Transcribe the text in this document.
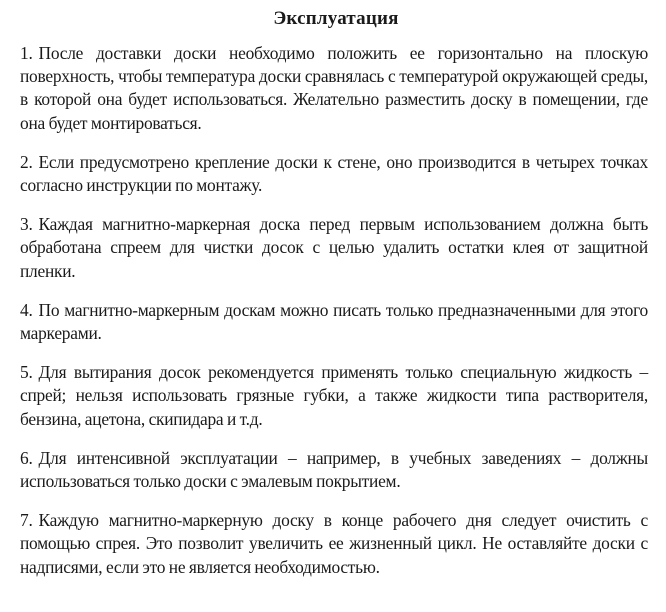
Эксплуатация

1. После доставки доски необходимо положить ее горизонтально на плоскую поверхность, чтобы температура доски сравнялась с температурой окружающей среды, в которой она будет использоваться. Желательно разместить доску в помещении, где она будет монтироваться.

2. Если предусмотрено крепление доски к стене, оно производится в четырех точках согласно инструкции по монтажу.

3. Каждая магнитно-маркерная доска перед первым использованием должна быть обработана спреем для чистки досок с целью удалить остатки клея от защитной пленки.

4. По магнитно-маркерным доскам можно писать только предназначенными для этого маркерами.

5. Для вытирания досок рекомендуется применять только специальную жидкость – спрей; нельзя использовать грязные губки, а также жидкости типа растворителя, бензина, ацетона, скипидара и т.д.

6. Для интенсивной эксплуатации – например, в учебных заведениях – должны использоваться только доски с эмалевым покрытием.

7. Каждую магнитно-маркерную доску в конце рабочего дня следует очистить с помощью спрея. Это позволит увеличить ее жизненный цикл. Не оставляйте доски с надписями, если это не является необходимостью.
